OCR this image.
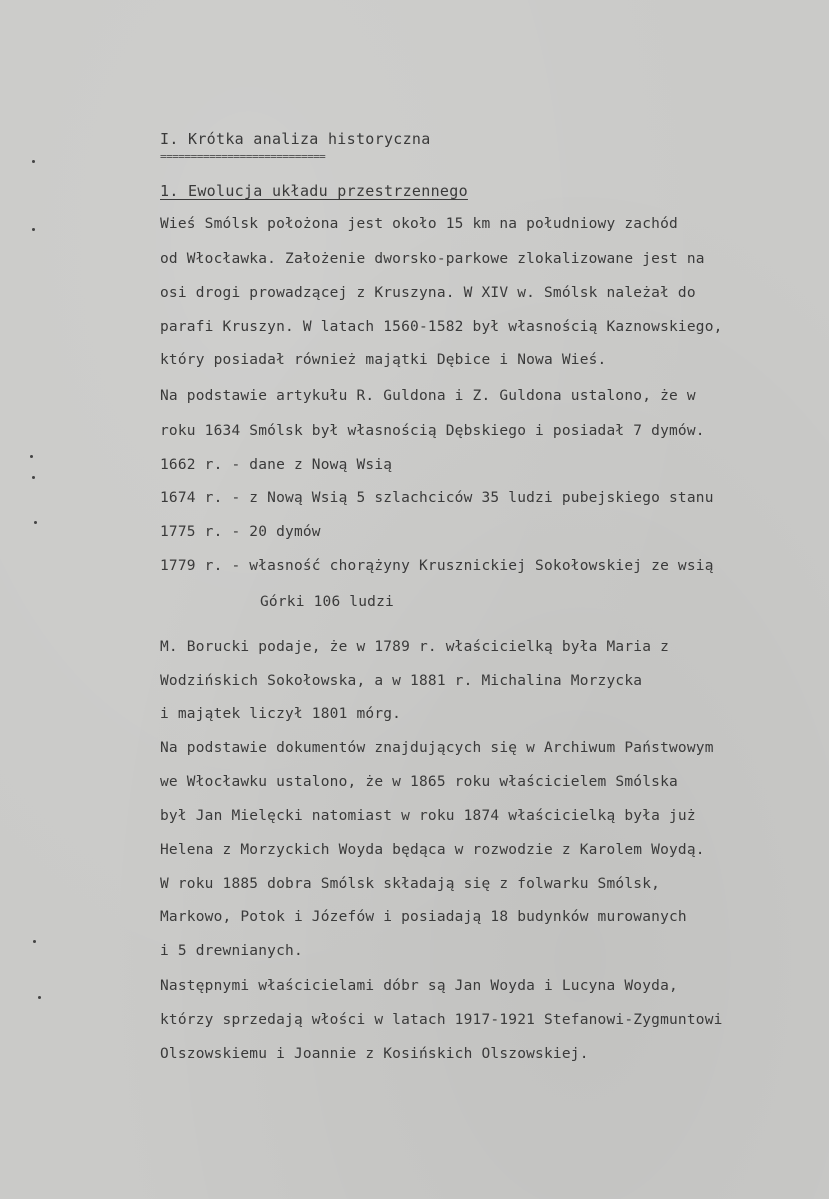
I. Krótka analiza historyczna
===========================
1. Ewolucja układu przestrzennego
Wieś Smólsk położona jest około 15 km na południowy zachód
od Włocławka. Założenie dworsko-parkowe zlokalizowane jest na
osi drogi prowadzącej z Kruszyna. W XIV w. Smólsk należał do
parafi Kruszyn. W latach 1560-1582 był własnością Kaznowskiego,
który posiadał również majątki Dębice i Nowa Wieś.
Na podstawie artykułu R. Guldona i Z. Guldona ustalono, że w
roku 1634 Smólsk był własnością Dębskiego i posiadał 7 dymów.
1662 r. - dane z Nową Wsią
1674 r. - z Nową Wsią 5 szlachciców 35 ludzi pubejskiego stanu
1775 r. - 20 dymów
1779 r. - własność chorążyny Krusznickiej Sokołowskiej ze wsią
Górki 106 ludzi
M. Borucki podaje, że w 1789 r. właścicielką była Maria z
Wodzińskich Sokołowska, a w 1881 r. Michalina Morzycka
i majątek liczył 1801 mórg.
Na podstawie dokumentów znajdujących się w Archiwum Państwowym
we Włocławku ustalono, że w 1865 roku właścicielem Smólska
był Jan Mielęcki natomiast w roku 1874 właścicielką była już
Helena z Morzyckich Woyda będąca w rozwodzie z Karolem Woydą.
W roku 1885 dobra Smólsk składają się z folwarku Smólsk,
Markowo, Potok i Józefów i posiadają 18 budynków murowanych
i 5 drewnianych.
Następnymi właścicielami dóbr są Jan Woyda i Lucyna Woyda,
którzy sprzedają włości w latach 1917-1921 Stefanowi-Zygmuntowi
Olszowskiemu i Joannie z Kosińskich Olszowskiej.
